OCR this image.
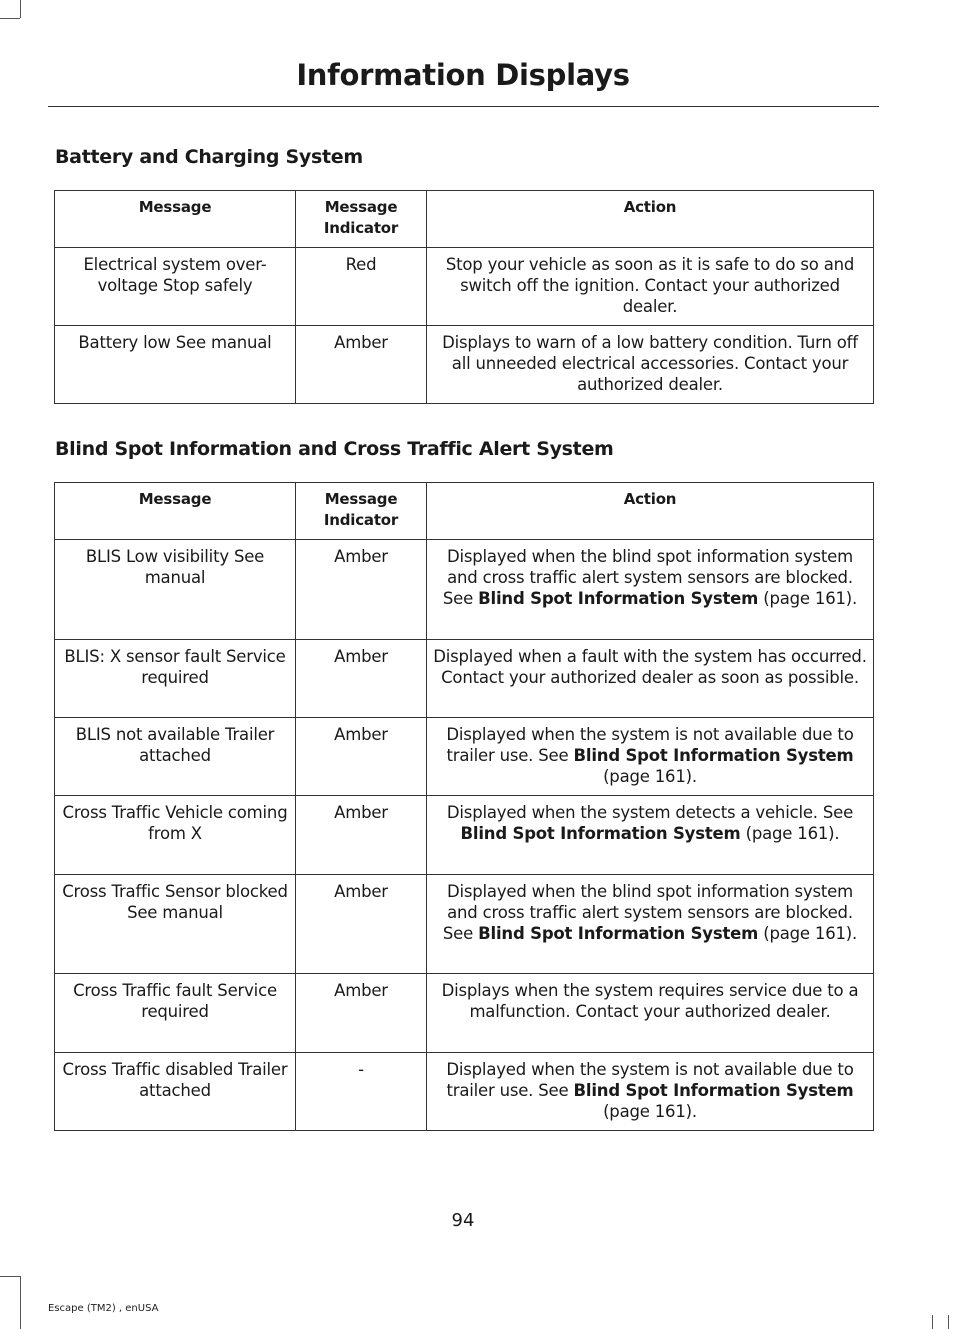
Information Displays
Battery and Charging System
Message	Message Indicator	Action
Electrical system over-voltage Stop safely	Red	Stop your vehicle as soon as it is safe to do so and switch off the ignition. Contact your authorized dealer.
Battery low See manual	Amber	Displays to warn of a low battery condition. Turn off all unneeded electrical accessories. Contact your authorized dealer.
Blind Spot Information and Cross Traffic Alert System
Message	Message Indicator	Action
BLIS Low visibility See manual	Amber	Displayed when the blind spot information system and cross traffic alert system sensors are blocked. See Blind Spot Information System (page 161).
BLIS: X sensor fault Service required	Amber	Displayed when a fault with the system has occurred. Contact your authorized dealer as soon as possible.
BLIS not available Trailer attached	Amber	Displayed when the system is not available due to trailer use. See Blind Spot Information System (page 161).
Cross Traffic Vehicle coming from X	Amber	Displayed when the system detects a vehicle. See Blind Spot Information System (page 161).
Cross Traffic Sensor blocked See manual	Amber	Displayed when the blind spot information system and cross traffic alert system sensors are blocked. See Blind Spot Information System (page 161).
Cross Traffic fault Service required	Amber	Displays when the system requires service due to a malfunction. Contact your authorized dealer.
Cross Traffic disabled Trailer attached	-	Displayed when the system is not available due to trailer use. See Blind Spot Information System (page 161).
94
Escape (TM2) , enUSA
